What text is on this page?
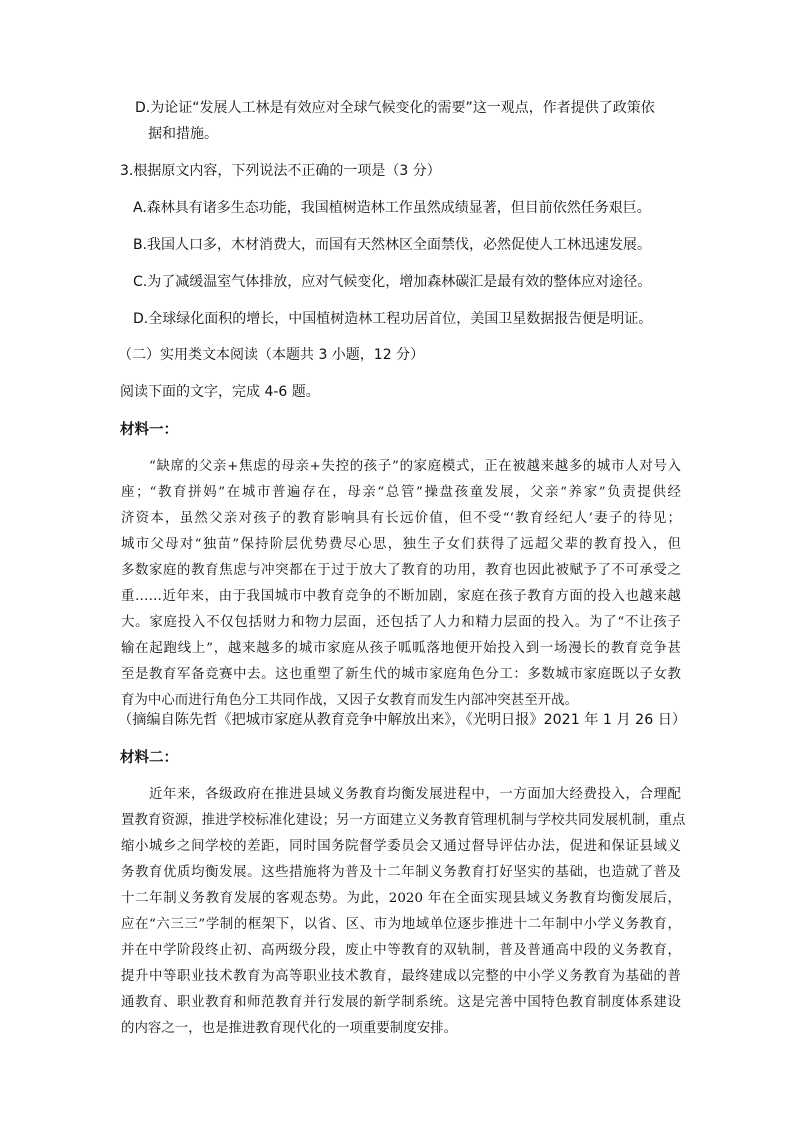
D.为论证“发展人工林是有效应对全球气候变化的需要”这一观点，作者提供了政策依
据和措施。
3.根据原文内容，下列说法不正确的一项是（3 分）
A.森林具有诸多生态功能，我国植树造林工作虽然成绩显著，但目前依然任务艰巨。
B.我国人口多，木材消费大，而国有天然林区全面禁伐，必然促使人工林迅速发展。
C.为了减缓温室气体排放，应对气候变化，增加森林碳汇是最有效的整体应对途径。
D.全球绿化面积的增长，中国植树造林工程功居首位，美国卫星数据报告便是明证。
（二）实用类文本阅读（本题共 3 小题，12 分）
阅读下面的文字，完成 4-6 题。
材料一：
“缺席的父亲+焦虑的母亲+失控的孩子”的家庭模式，正在被越来越多的城市人对号入
座；“教育拼妈”在城市普遍存在，母亲“总管”操盘孩童发展，父亲“养家”负责提供经
济资本，虽然父亲对孩子的教育影响具有长远价值，但不受“‘教育经纪人’妻子的待见；
城市父母对“独苗”保持阶层优势费尽心思，独生子女们获得了远超父辈的教育投入，但
多数家庭的教育焦虑与冲突都在于过于放大了教育的功用，教育也因此被赋予了不可承受之
重……近年来，由于我国城市中教育竞争的不断加剧，家庭在孩子教育方面的投入也越来越
大。家庭投入不仅包括财力和物力层面，还包括了人力和精力层面的投入。为了“不让孩子
输在起跑线上”，越来越多的城市家庭从孩子呱呱落地便开始投入到一场漫长的教育竞争甚
至是教育军备竞赛中去。这也重塑了新生代的城市家庭角色分工：多数城市家庭既以子女教
育为中心而进行角色分工共同作战，又因子女教育而发生内部冲突甚至开战。
（摘编自陈先哲《把城市家庭从教育竞争中解放出来》，《光明日报》2021 年 1 月 26 日）
材料二：
近年来，各级政府在推进县域义务教育均衡发展进程中，一方面加大经费投入，合理配
置教育资源，推进学校标准化建设；另一方面建立义务教育管理机制与学校共同发展机制，重点
缩小城乡之间学校的差距，同时国务院督学委员会又通过督导评估办法，促进和保证县域义
务教育优质均衡发展。这些措施将为普及十二年制义务教育打好坚实的基础，也造就了普及
十二年制义务教育发展的客观态势。为此，2020 年在全面实现县域义务教育均衡发展后，
应在“六三三”学制的框架下，以省、区、市为地域单位逐步推进十二年制中小学义务教育，
并在中学阶段终止初、高两级分段，废止中等教育的双轨制，普及普通高中段的义务教育，
提升中等职业技术教育为高等职业技术教育，最终建成以完整的中小学义务教育为基础的普
通教育、职业教育和师范教育并行发展的新学制系统。这是完善中国特色教育制度体系建设
的内容之一，也是推进教育现代化的一项重要制度安排。
